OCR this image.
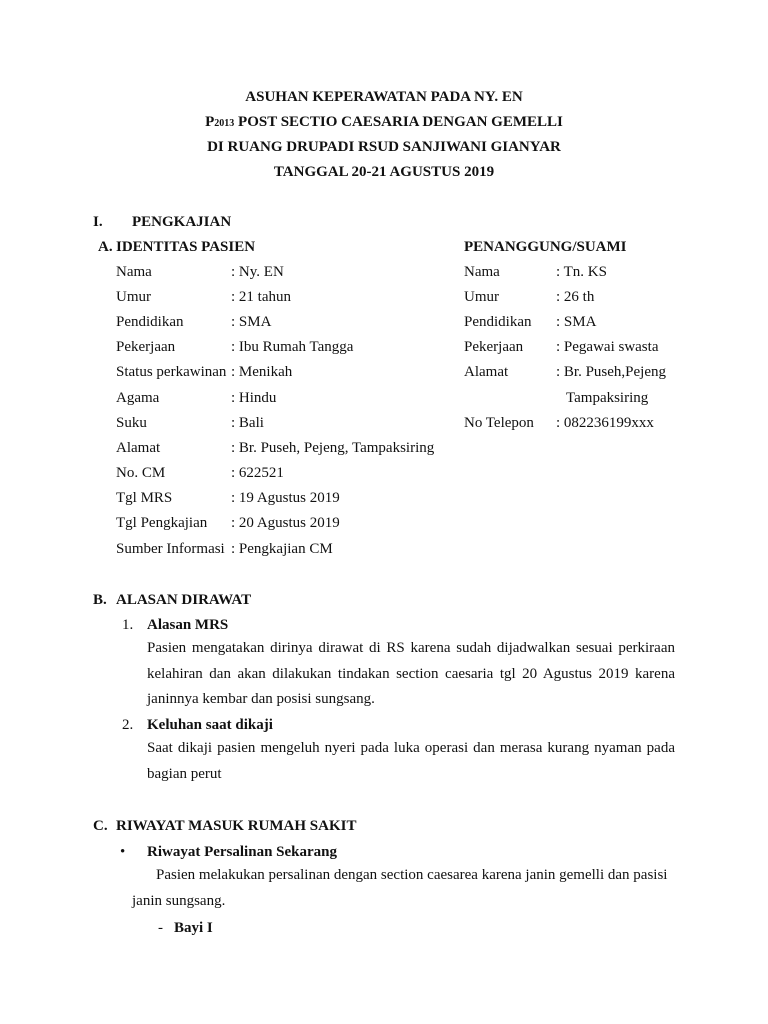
ASUHAN KEPERAWATAN PADA NY. EN
P2013 POST SECTIO CAESARIA DENGAN GEMELLI
DI RUANG DRUPADI RSUD SANJIWANI GIANYAR
TANGGAL 20-21 AGUSTUS 2019
I. PENGKAJIAN
A. IDENTITAS PASIEN	PENANGGUNG/SUAMI
Nama	: Ny. EN
Umur	: 21 tahun
Pendidikan	: SMA
Pekerjaan	: Ibu Rumah Tangga
Status perkawinan : Menikah
Agama	: Hindu
Suku	: Bali
Alamat	: Br. Puseh, Pejeng, Tampaksiring
No. CM	: 622521
Tgl MRS	: 19 Agustus 2019
Tgl Pengkajian : 20 Agustus 2019
Sumber Informasi : Pengkajian CM
Nama	: Tn. KS
Umur	: 26 th
Pendidikan : SMA
Pekerjaan : Pegawai swasta
Alamat	: Br. Puseh,Pejeng
Tampaksiring
No Telepon : 082236199xxx
B. ALASAN DIRAWAT
1. Alasan MRS
Pasien mengatakan dirinya dirawat di RS karena sudah dijadwalkan sesuai perkiraan kelahiran dan akan dilakukan tindakan section caesaria tgl 20 Agustus 2019 karena janinnya kembar dan posisi sungsang.
2. Keluhan saat dikaji
Saat dikaji pasien mengeluh nyeri pada luka operasi dan merasa kurang nyaman pada bagian perut
C. RIWAYAT MASUK RUMAH SAKIT
• Riwayat Persalinan Sekarang
Pasien melakukan persalinan dengan section caesarea karena janin gemelli dan pasisi janin sungsang.
- Bayi I
